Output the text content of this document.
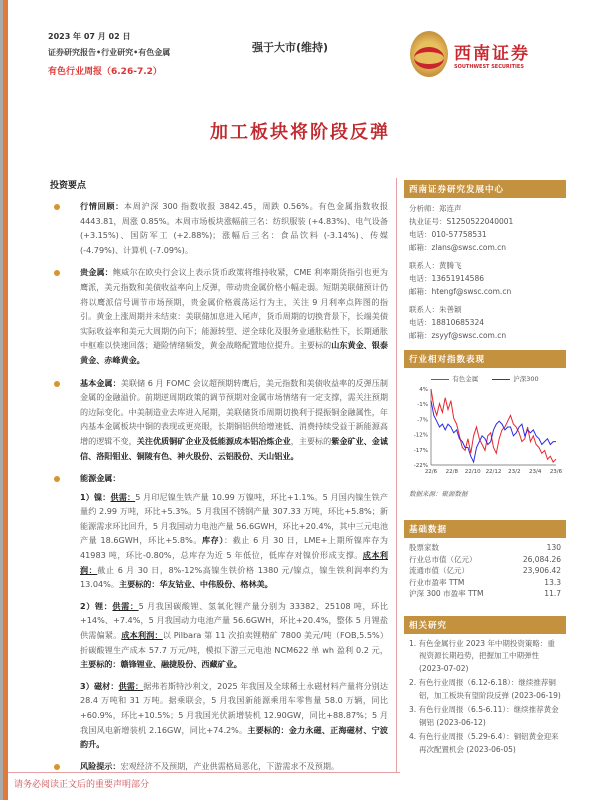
2023 年 07 月 02 日
证券研究报告•行业研究•有色金属
有色行业周报（6.26-7.2）
强于大市(维持)	西南证券
SOUTHWEST SECURITIES
加工板块将阶段反弹
投资要点
行情回顾：本周沪深 300 指数收报 3842.45，周跌 0.56%。有色金属指数收报 4443.81，周涨 0.85%。本周市场板块涨幅前三名：纺织服装 (+4.83%)、电气设备 (+3.15%)、国防军工 (+2.88%)；涨幅后三名：食品饮料 (-3.14%)、传媒 (-4.79%)、计算机 (-7.09%)。
贵金属：鲍威尔在欧央行会议上表示货币政策将维持收紧，CME 利率期货指引也更为鹰派，美元指数和美债收益率向上反弹，带动贵金属价格小幅走弱。短期美联储预计仍将以鹰派信号调节市场预期，贵金属价格震荡运行为主，关注 9 月利率点阵图的指引。黄金上涨周期并未结束：美联储加息进入尾声，货币周期的切换背景下，长端美债实际收益率和美元大周期仍向下；能源转型、逆全球化及服务业通胀粘性下，长期通胀中枢难以快速回落；避险情绪频发，黄金战略配置地位提升。主要标的山东黄金、银泰黄金、赤峰黄金。
基本金属：美联储 6 月 FOMC 会议超预期转鹰后，美元指数和美债收益率的反弹压制金属的金融溢价。前期逆周期政策的调节预期对金属市场情绪有一定支撑，需关注预期的边际变化。中美制造业去库进入尾期，美联储货币周期切换利于提振铜金融属性，年内基本金属板块中铜的表现或更亮眼，长期铜铝供给增速低、消费持续受益于新能源高增的逻辑不变，关注优质铜矿企业及低能源成本铝冶炼企业，主要标的紫金矿业、金诚信、洛阳钼业、铜陵有色、神火股份、云铝股份、天山铝业。
能源金属：
1）镍：供需：5 月印尼镍生铁产量 10.99 万镍吨，环比+1.1%。5 月国内镍生铁产量约 2.99 万吨，环比+5.3%。5 月我国不锈钢产量 307.33 万吨，环比+5.8%；新能源需求环比回升，5 月我国动力电池产量 56.6GWH，环比+20.4%，其中三元电池产量 18.6GWH，环比+5.8%。库存）：截止 6 月 30 日，LME+上期所镍库存为 41983 吨，环比-0.80%，总库存为近 5 年低位，低库存对镍价形成支撑。成本利润：截止 6 月 30 日，8%-12%高镍生铁价格 1380 元/镍点，镍生铁利润率约为 13.04%。主要标的：华友钴业、中伟股份、格林美。
2）锂：供需：5 月我国碳酸锂、氢氧化锂产量分别为 33382、25108 吨，环比+14%、+7.4%，5 月我国动力电池产量 56.6GWH，环比+20.4%，整体 5 月锂盐供需偏紧。成本利润：以 Pilbara 第 11 次拍卖锂精矿 7800 美元/吨（FOB,5.5%）折碳酸锂生产成本 57.7 万元/吨，模拟下游三元电池 NCM622 单 wh 盈利 0.2 元，主要标的：赣锋锂业、融捷股份、西藏矿业。
3）磁材：供需：据弗若斯特沙利文，2025 年我国及全球稀土永磁材料产量将分别达 28.4 万吨和 31 万吨。据乘联会，5 月我国新能源乘用车零售量 58.0 万辆，同比+60.9%，环比+10.5%；5 月我国光伏新增装机 12.90GW，同比+88.87%；5 月我国风电新增装机 2.16GW，同比+74.2%。主要标的：金力永磁、正海磁材、宁波韵升。
风险提示：宏观经济不及预期，产业供需格局恶化，下游需求不及预期。
请务必阅读正文后的重要声明部分
西南证券研究发展中心
分析师：郑连声
执业证号：S1250522040001
电话：010-57758531
邮箱：zlans@swsc.com.cn
联系人：黄腾飞
电话：13651914586
邮箱：htengf@swsc.com.cn
联系人：朱善颖
电话：18810685324
邮箱：zsyyf@swsc.com.cn
行业相对指数表现
有色金属	沪深300
4%
-1%
-7%
-12%
-17%
-22%
22/6 22/8 22/10 22/12 23/2 23/4 23/6
数据来源：聚源数据
基础数据
股票家数	130
行业总市值（亿元）	26,084.26
流通市值（亿元）	23,906.42
行业市盈率 TTM	13.3
沪深 300 市盈率 TTM	11.7
相关研究
1. 有色金属行业 2023 年中期投资策略：重视资源长期趋势，把握加工中期弹性 (2023-07-02)
2. 有色行业周报（6.12-6.18）：继续推荐铜铝，加工板块有望阶段反弹 (2023-06-19)
3. 有色行业周报（6.5-6.11）：继续推荐黄金铜铝 (2023-06-12)
4. 有色行业周报（5.29-6.4）：铜铝黄金迎来再次配置机会 (2023-06-05)
